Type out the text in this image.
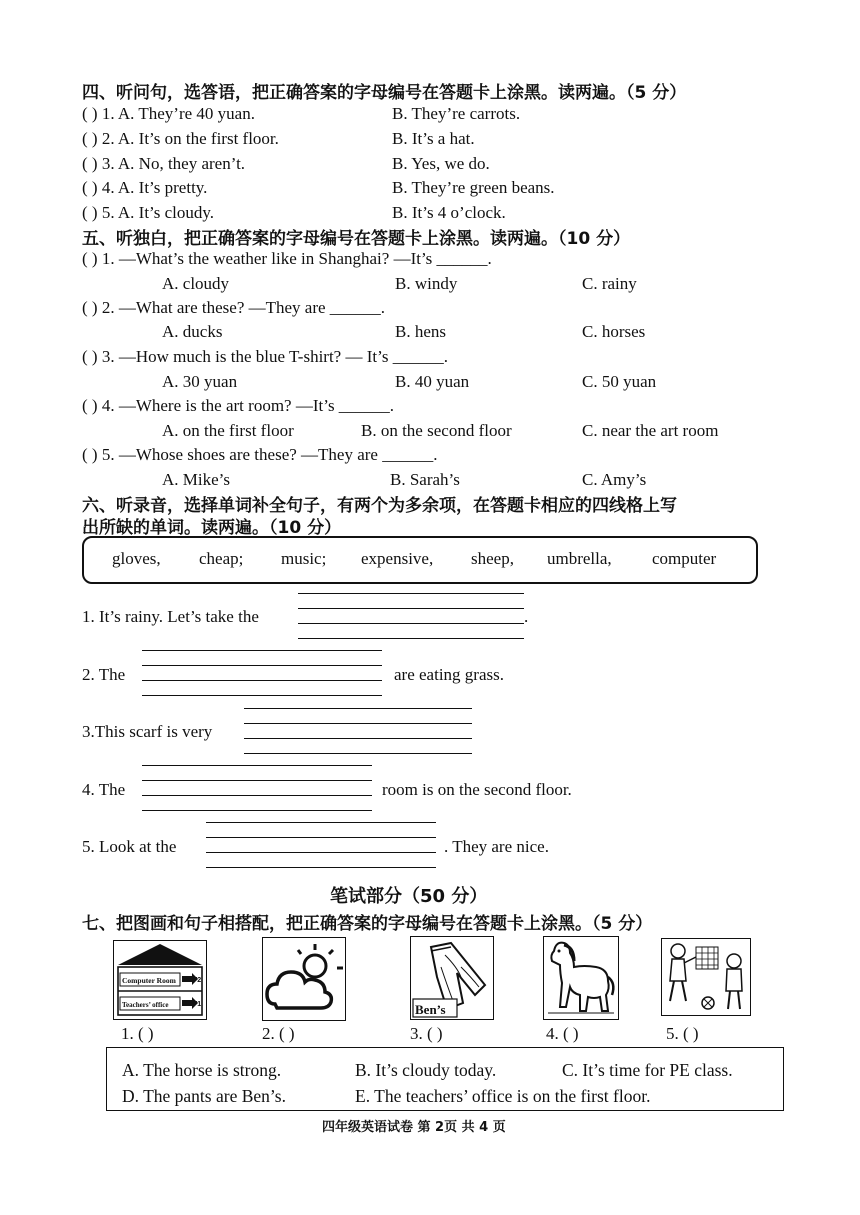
四、听问句，选答语，把正确答案的字母编号在答题卡上涂黑。读两遍。（5 分）
( ) 1. A. They’re 40 yuan.	B. They’re carrots.
( ) 2. A. It’s on the first floor.	B. It’s a hat.
( ) 3. A. No, they aren’t.	B. Yes, we do.
( ) 4. A. It’s pretty.	B. They’re green beans.
( ) 5. A. It’s cloudy.	B. It’s 4 o’clock.
五、听独白，把正确答案的字母编号在答题卡上涂黑。读两遍。（10 分）
( ) 1. —What’s the weather like in Shanghai? —It’s ______.
A. cloudy	B. windy	C. rainy
( ) 2. —What are these? —They are ______.
A. ducks	B. hens	C. horses
( ) 3. —How much is the blue T-shirt? — It’s ______.
A. 30 yuan	B. 40 yuan	C. 50 yuan
( ) 4. —Where is the art room? —It’s ______.
A. on the first floor	B. on the second floor	C. near the art room
( ) 5. —Whose shoes are these? —They are ______.
A. Mike’s	B. Sarah’s	C. Amy’s
六、听录音，选择单词补全句子，有两个为多余项，在答题卡相应的四线格上写
出所缺的单词。读两遍。（10 分）
gloves, cheap; music; expensive, sheep, umbrella, computer
1. It’s rainy. Let’s take the	.
2. The	are eating grass.
3.This scarf is very
4. The	room is on the second floor.
5. Look at the	. They are nice.
笔试部分（50 分）
七、把图画和句子相搭配，把正确答案的字母编号在答题卡上涂黑。（5 分）
Computer Room
Teachers’ office
F2
F1	Ben’s
1. ( )	2. ( )	3. ( )	4. ( )	5. ( )
A. The horse is strong.	B. It’s cloudy today.	C. It’s time for PE class.
D. The pants are Ben’s.	E. The teachers’ office is on the first floor.
四年级英语试卷 第 2页 共 4 页
